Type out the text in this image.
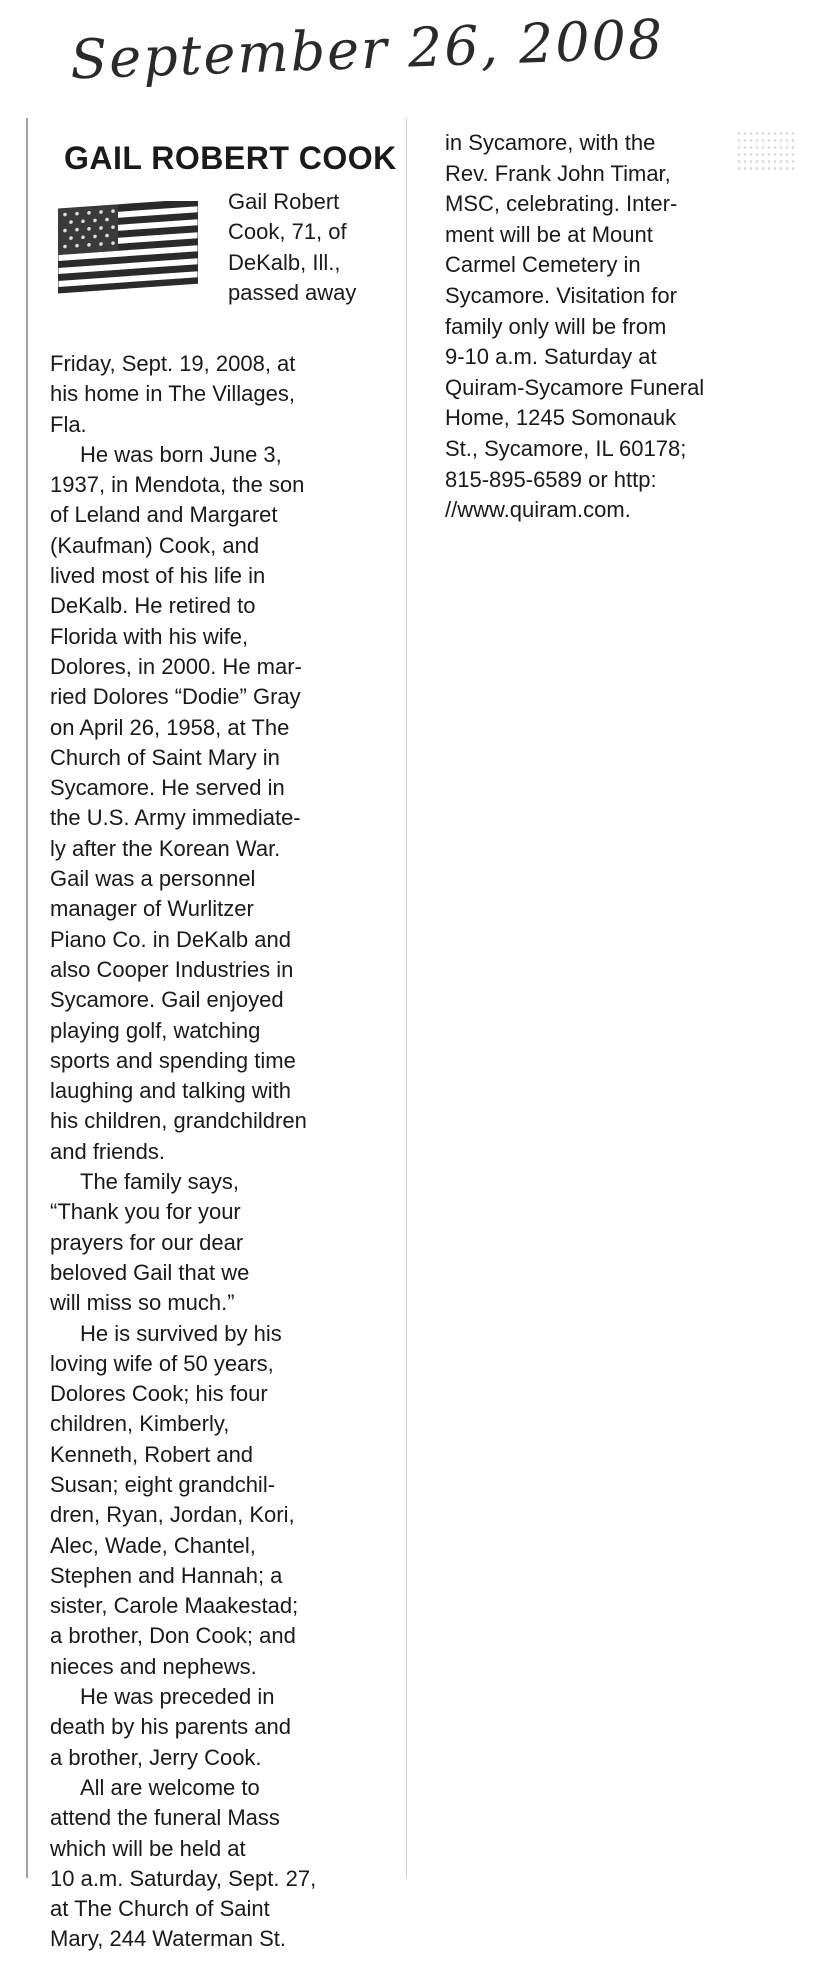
September 26, 2008
GAIL ROBERT COOK
Gail Robert
Cook, 71, of
DeKalb, Ill.,
passed away
Friday, Sept. 19, 2008, at
his home in The Villages,
Fla.
He was born June 3,
1937, in Mendota, the son
of Leland and Margaret
(Kaufman) Cook, and
lived most of his life in
DeKalb. He retired to
Florida with his wife,
Dolores, in 2000. He mar-
ried Dolores “Dodie” Gray
on April 26, 1958, at The
Church of Saint Mary in
Sycamore. He served in
the U.S. Army immediate-
ly after the Korean War.
Gail was a personnel
manager of Wurlitzer
Piano Co. in DeKalb and
also Cooper Industries in
Sycamore. Gail enjoyed
playing golf, watching
sports and spending time
laughing and talking with
his children, grandchildren
and friends.
The family says,
“Thank you for your
prayers for our dear
beloved Gail that we
will miss so much.”
He is survived by his
loving wife of 50 years,
Dolores Cook; his four
children, Kimberly,
Kenneth, Robert and
Susan; eight grandchil-
dren, Ryan, Jordan, Kori,
Alec, Wade, Chantel,
Stephen and Hannah; a
sister, Carole Maakestad;
a brother, Don Cook; and
nieces and nephews.
He was preceded in
death by his parents and
a brother, Jerry Cook.
All are welcome to
attend the funeral Mass
which will be held at
10 a.m. Saturday, Sept. 27,
at The Church of Saint
Mary, 244 Waterman St.
in Sycamore, with the
Rev. Frank John Timar,
MSC, celebrating. Inter-
ment will be at Mount
Carmel Cemetery in
Sycamore. Visitation for
family only will be from
9-10 a.m. Saturday at
Quiram-Sycamore Funeral
Home, 1245 Somonauk
St., Sycamore, IL 60178;
815-895-6589 or http:
//www.quiram.com.
